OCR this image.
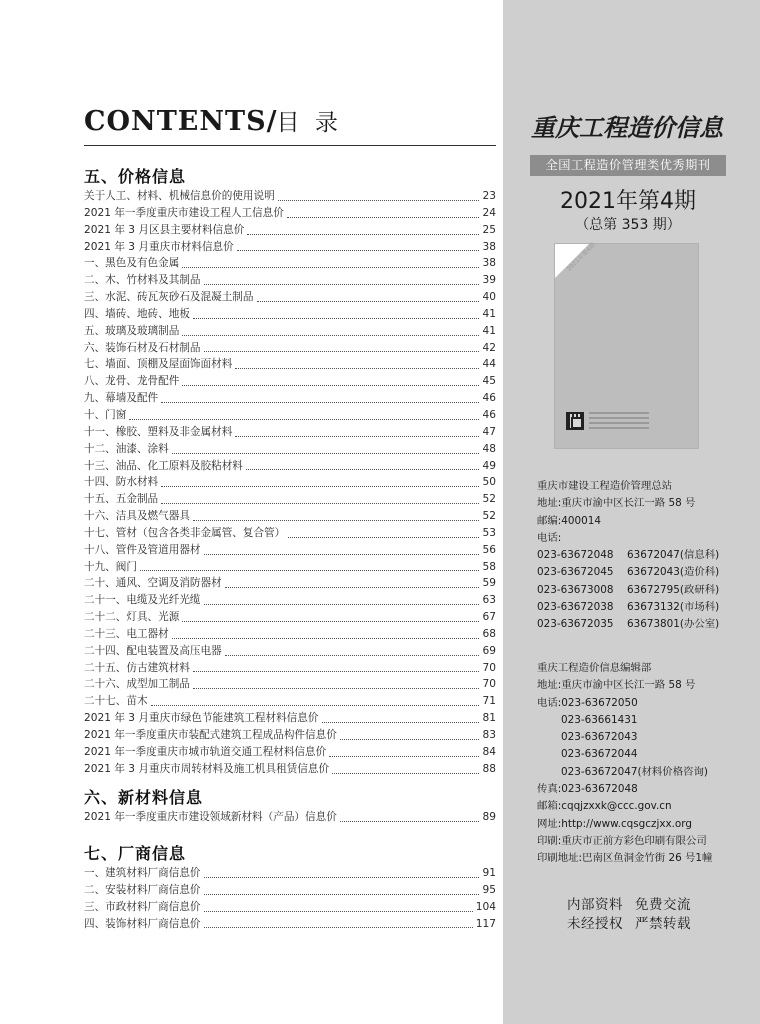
CONTENTS/目 录
五、价格信息
关于人工、材料、机械信息价的使用说明	23
2021 年一季度重庆市建设工程人工信息价	24
2021 年 3 月区县主要材料信息价	25
2021 年 3 月重庆市材料信息价	38
一、黑色及有色金属	38
二、木、竹材料及其制品	39
三、水泥、砖瓦灰砂石及混凝土制品	40
四、墙砖、地砖、地板	41
五、玻璃及玻璃制品	41
六、装饰石材及石材制品	42
七、墙面、顶棚及屋面饰面材料	44
八、龙骨、龙骨配件	45
九、幕墙及配件	46
十、门窗	46
十一、橡胶、塑料及非金属材料	47
十二、油漆、涂料	48
十三、油品、化工原料及胶粘材料	49
十四、防水材料	50
十五、五金制品	52
十六、洁具及燃气器具	52
十七、管材（包含各类非金属管、复合管）	53
十八、管件及管道用器材	56
十九、阀门	58
二十、通风、空调及消防器材	59
二十一、电缆及光纤光缆	63
二十二、灯具、光源	67
二十三、电工器材	68
二十四、配电装置及高压电器	69
二十五、仿古建筑材料	70
二十六、成型加工制品	70
二十七、苗木	71
2021 年 3 月重庆市绿色节能建筑工程材料信息价	81
2021 年一季度重庆市装配式建筑工程成品构件信息价	83
2021 年一季度重庆市城市轨道交通工程材料信息价	84
2021 年 3 月重庆市周转材料及施工机具租赁信息价	88
六、新材料信息
2021 年一季度重庆市建设领域新材料（产品）信息价	89
七、厂商信息
一、建筑材料厂商信息价	91
二、安装材料厂商信息价	95
三、市政材料厂商信息价	104
四、装饰材料厂商信息价	117
重庆工程造价信息
全国工程造价管理类优秀期刊
2021年第4期
（总第 353 期）
2021年第4期
重庆市建设工程造价管理总站
地址:重庆市渝中区长江一路 58 号
邮编:400014
电话:
023-63672048	63672047(信息科)
023-63672045	63672043(造价科)
023-63673008	63672795(政研科)
023-63672038	63673132(市场科)
023-63672035	63673801(办公室)
重庆工程造价信息编辑部
地址:重庆市渝中区长江一路 58 号
电话:023-63672050
023-63661431
023-63672043
023-63672044
023-63672047(材料价格咨询)
传真:023-63672048
邮箱:cqqjzxxk@ccc.gov.cn
网址:http://www.cqsgczjxx.org
印刷:重庆市正前方彩色印刷有限公司
印刷地址:巴南区鱼洞金竹街 26 号1幢
内部资料 免费交流
未经授权 严禁转载
